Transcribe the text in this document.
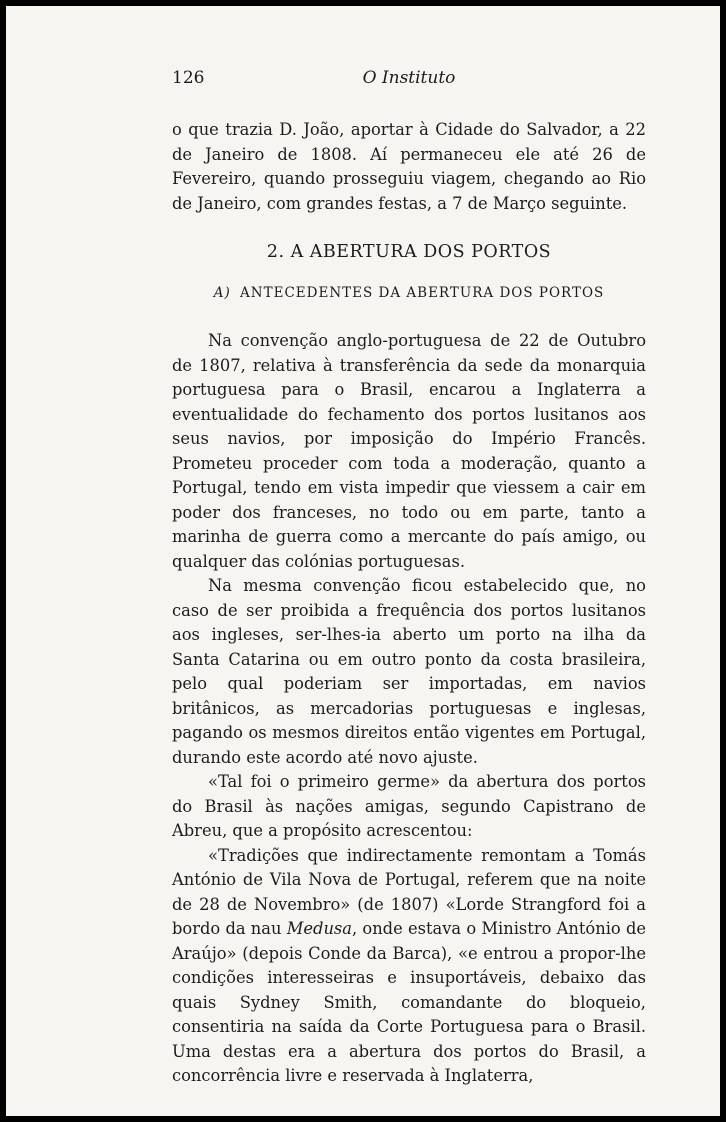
126	O Instituto

o que trazia D. João, aportar à Cidade do Salvador, a 22 de Janeiro de 1808. Aí permaneceu ele até 26 de Fevereiro, quando prosseguiu viagem, chegando ao Rio de Janeiro, com grandes festas, a 7 de Março seguinte.

2. A ABERTURA DOS PORTOS

A) ANTECEDENTES DA ABERTURA DOS PORTOS

Na convenção anglo-portuguesa de 22 de Outubro de 1807, relativa à transferência da sede da monarquia portuguesa para o Brasil, encarou a Inglaterra a eventualidade do fechamento dos portos lusitanos aos seus navios, por imposição do Império Francês. Prometeu proceder com toda a moderação, quanto a Portugal, tendo em vista impedir que viessem a cair em poder dos franceses, no todo ou em parte, tanto a marinha de guerra como a mercante do país amigo, ou qualquer das colónias portuguesas.

Na mesma convenção ficou estabelecido que, no caso de ser proibida a frequência dos portos lusitanos aos ingleses, ser-lhes-ia aberto um porto na ilha da Santa Catarina ou em outro ponto da costa brasileira, pelo qual poderiam ser importadas, em navios britânicos, as mercadorias portuguesas e inglesas, pagando os mesmos direitos então vigentes em Portugal, durando este acordo até novo ajuste.

«Tal foi o primeiro germe» da abertura dos portos do Brasil às nações amigas, segundo Capistrano de Abreu, que a propósito acrescentou:

«Tradições que indirectamente remontam a Tomás António de Vila Nova de Portugal, referem que na noite de 28 de Novembro» (de 1807) «Lorde Strangford foi a bordo da nau Medusa, onde estava o Ministro António de Araújo» (depois Conde da Barca), «e entrou a propor-lhe condições interesseiras e insuportáveis, debaixo das quais Sydney Smith, comandante do bloqueio, consentiria na saída da Corte Portuguesa para o Brasil. Uma destas era a abertura dos portos do Brasil, a concorrência livre e reservada à Inglaterra,
